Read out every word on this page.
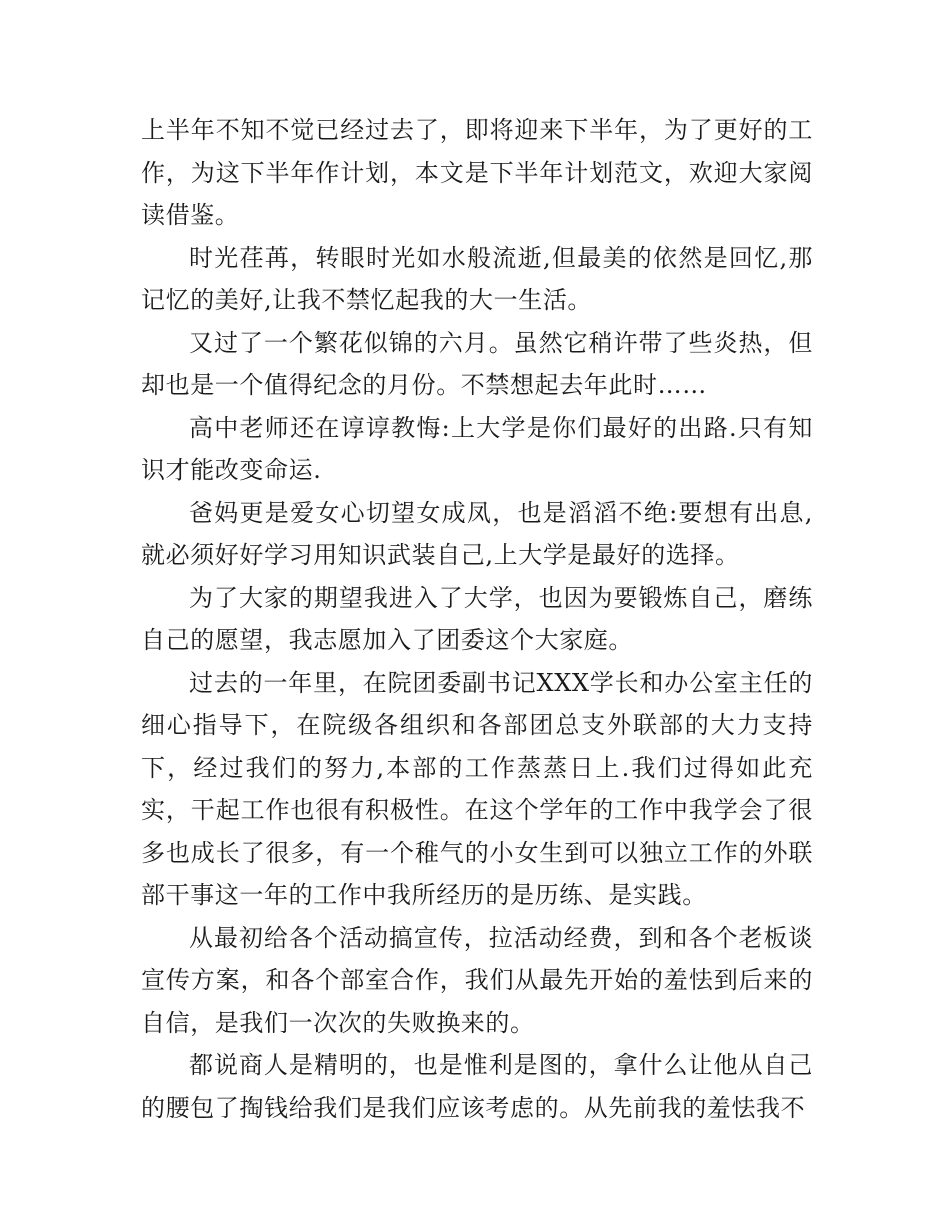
上半年不知不觉已经过去了，即将迎来下半年，为了更好的工作，为这下半年作计划，本文是下半年计划范文，欢迎大家阅读借鉴。

时光荏苒，转眼时光如水般流逝,但最美的依然是回忆,那记忆的美好,让我不禁忆起我的大一生活。

又过了一个繁花似锦的六月。虽然它稍许带了些炎热，但却也是一个值得纪念的月份。不禁想起去年此时……

高中老师还在谆谆教悔:上大学是你们最好的出路.只有知识才能改变命运.

爸妈更是爱女心切望女成凤，也是滔滔不绝:要想有出息,就必须好好学习用知识武装自己,上大学是最好的选择。

为了大家的期望我进入了大学，也因为要锻炼自己，磨练自己的愿望，我志愿加入了团委这个大家庭。

过去的一年里，在院团委副书记XXX学长和办公室主任的细心指导下，在院级各组织和各部团总支外联部的大力支持下，经过我们的努力,本部的工作蒸蒸日上.我们过得如此充实，干起工作也很有积极性。在这个学年的工作中我学会了很多也成长了很多，有一个稚气的小女生到可以独立工作的外联部干事这一年的工作中我所经历的是历练、是实践。

从最初给各个活动搞宣传，拉活动经费，到和各个老板谈宣传方案，和各个部室合作，我们从最先开始的羞怯到后来的自信，是我们一次次的失败换来的。

都说商人是精明的，也是惟利是图的，拿什么让他从自己的腰包了掏钱给我们是我们应该考虑的。从先前我的羞怯我不
